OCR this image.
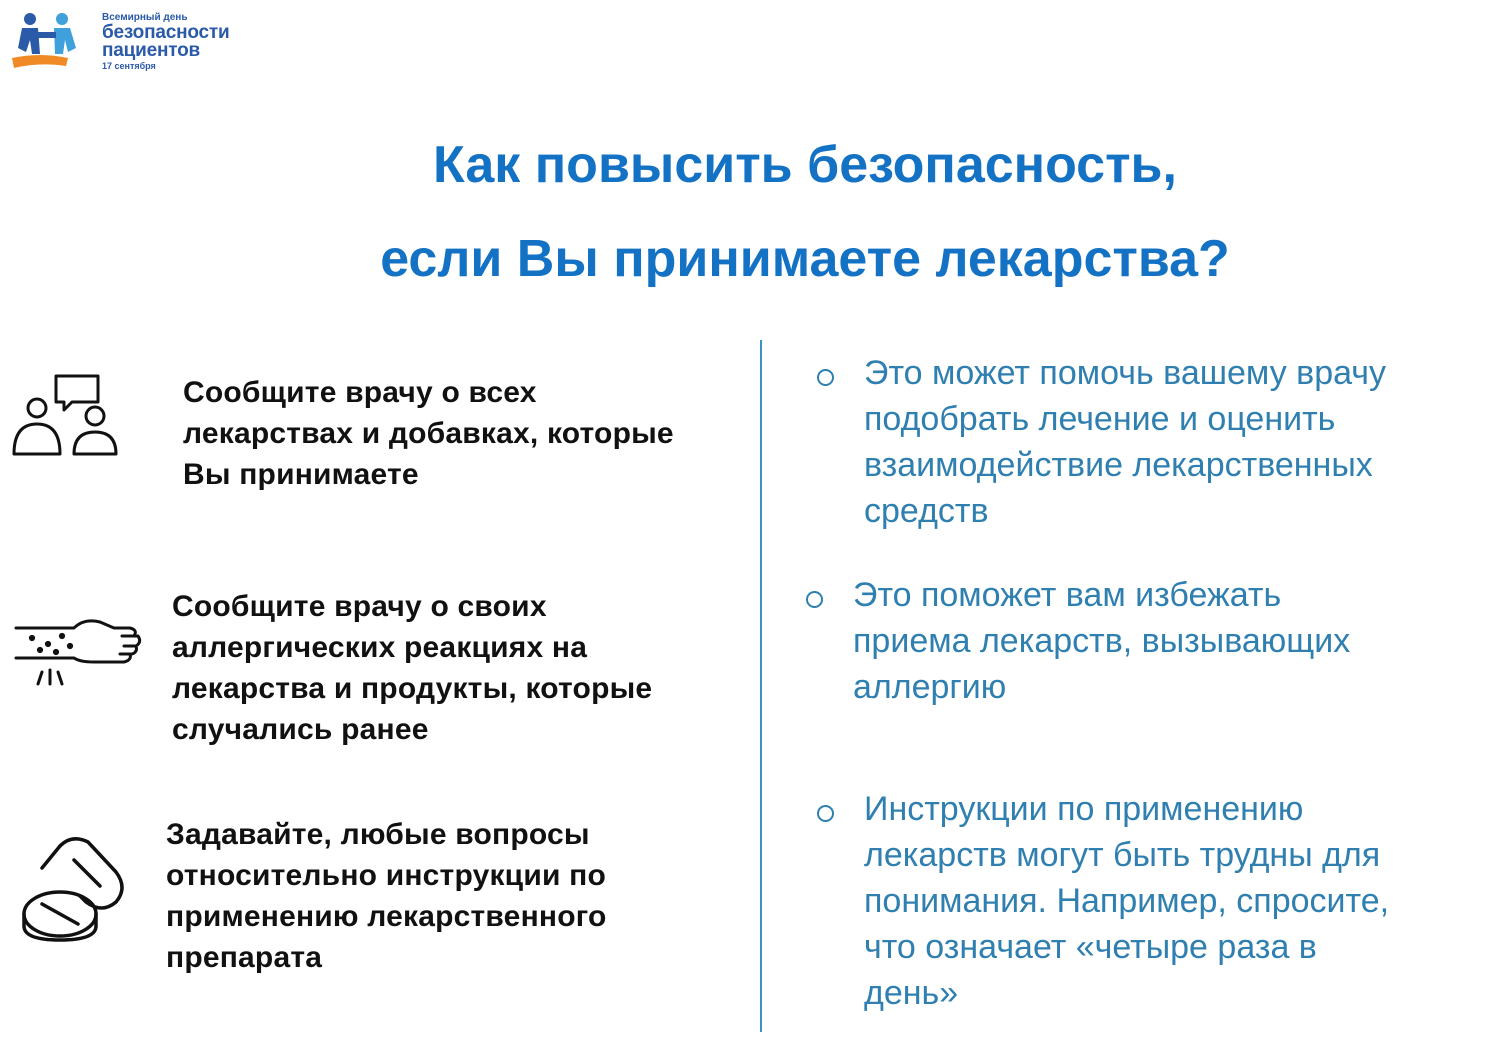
Всемирный день
безопасности
пациентов
17 сентября
Как повысить безопасность,
если Вы принимаете лекарства?
Сообщите врачу о всех
лекарствах и добавках, которые
Вы принимаете
Это может помочь вашему врачу
подобрать лечение и оценить
взаимодействие лекарственных
средств
Сообщите врачу о своих
аллергических реакциях на
лекарства и продукты, которые
случались ранее
Это поможет вам избежать
приема лекарств, вызывающих
аллергию
Задавайте, любые вопросы
относительно инструкции по
применению лекарственного
препарата
Инструкции по применению
лекарств могут быть трудны для
понимания. Например, спросите,
что означает «четыре раза в
день»
